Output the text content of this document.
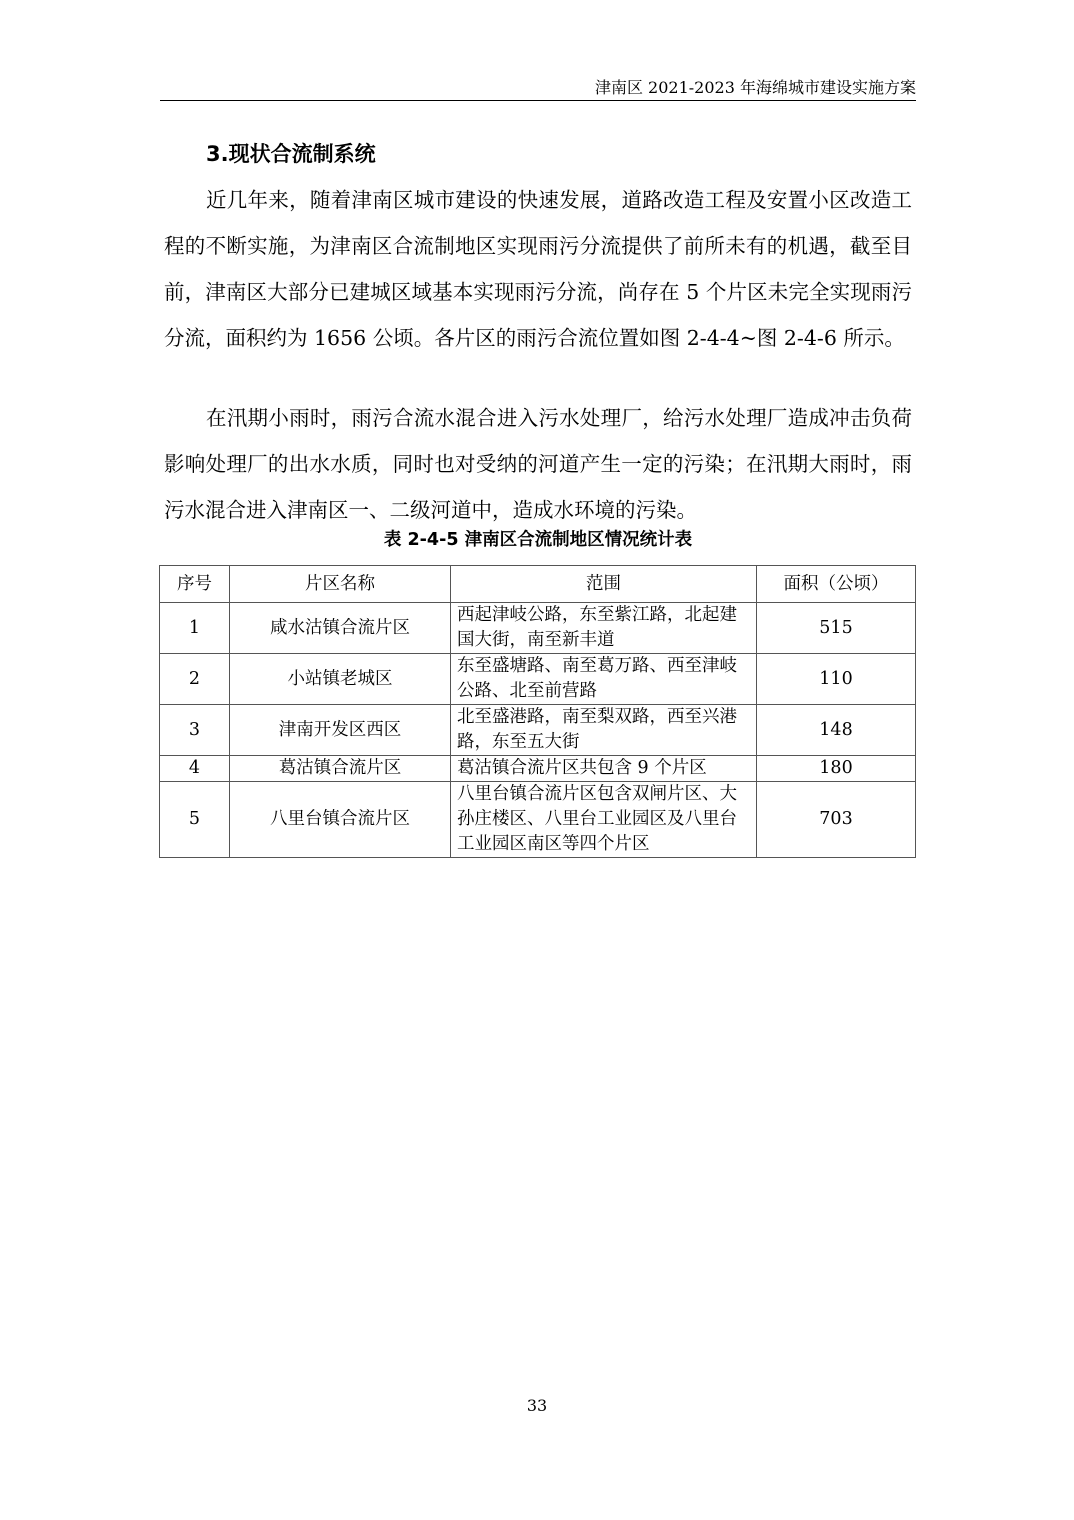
津南区 2021-2023 年海绵城市建设实施方案
3.现状合流制系统

近几年来，随着津南区城市建设的快速发展，道路改造工程及安置小区改造工程的不断实施，为津南区合流制地区实现雨污分流提供了前所未有的机遇，截至目前，津南区大部分已建城区域基本实现雨污分流，尚存在 5 个片区未完全实现雨污分流，面积约为 1656 公顷。各片区的雨污合流位置如图 2-4-4~图 2-4-6 所示。

在汛期小雨时，雨污合流水混合进入污水处理厂，给污水处理厂造成冲击负荷影响处理厂的出水水质，同时也对受纳的河道产生一定的污染；在汛期大雨时，雨污水混合进入津南区一、二级河道中，造成水环境的污染。

表 2-4-5 津南区合流制地区情况统计表
序号	片区名称	范围	面积（公顷）
1	咸水沽镇合流片区	西起津岐公路，东至紫江路，北起建国大街，南至新丰道	515
2	小站镇老城区	东至盛塘路、南至葛万路、西至津岐公路、北至前营路	110
3	津南开发区西区	北至盛港路，南至梨双路，西至兴港路，东至五大街	148
4	葛沽镇合流片区	葛沽镇合流片区共包含 9 个片区	180
5	八里台镇合流片区	八里台镇合流片区包含双闸片区、大孙庄楼区、八里台工业园区及八里台工业园区南区等四个片区	703
33
